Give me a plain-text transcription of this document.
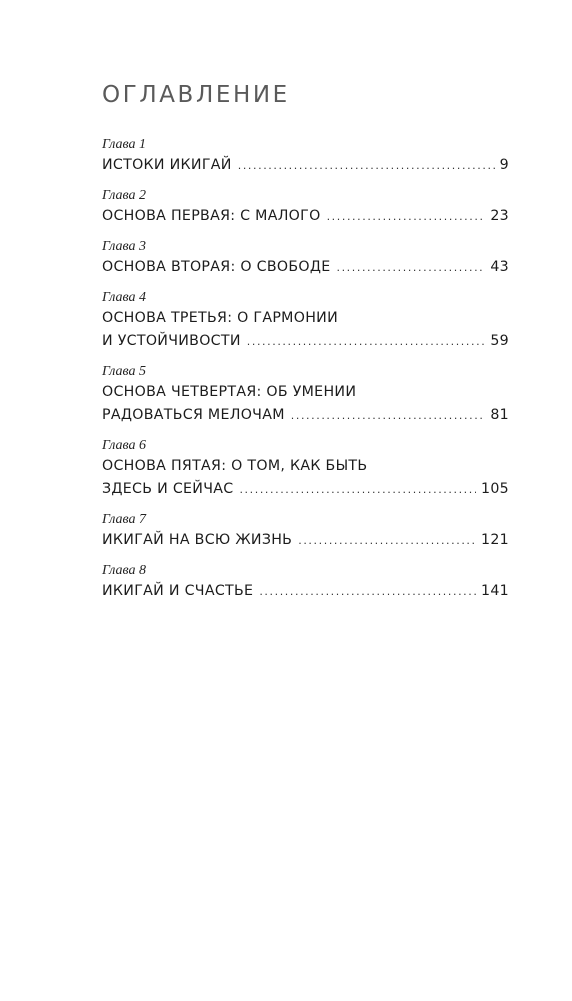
ОГЛАВЛЕНИЕ
Глава 1
ИСТОКИ ИКИГАЙ .....	9
Глава 2
ОСНОВА ПЕРВАЯ: С МАЛОГО .....	23
Глава 3
ОСНОВА ВТОРАЯ: О СВОБОДЕ .....	43
Глава 4
ОСНОВА ТРЕТЬЯ: О ГАРМОНИИ
И УСТОЙЧИВОСТИ .....	59
Глава 5
ОСНОВА ЧЕТВЕРТАЯ: ОБ УМЕНИИ
РАДОВАТЬСЯ МЕЛОЧАМ .....	81
Глава 6
ОСНОВА ПЯТАЯ: О ТОМ, КАК БЫТЬ
ЗДЕСЬ И СЕЙЧАС .....	105
Глава 7
ИКИГАЙ НА ВСЮ ЖИЗНЬ .....	121
Глава 8
ИКИГАЙ И СЧАСТЬЕ .....	141
